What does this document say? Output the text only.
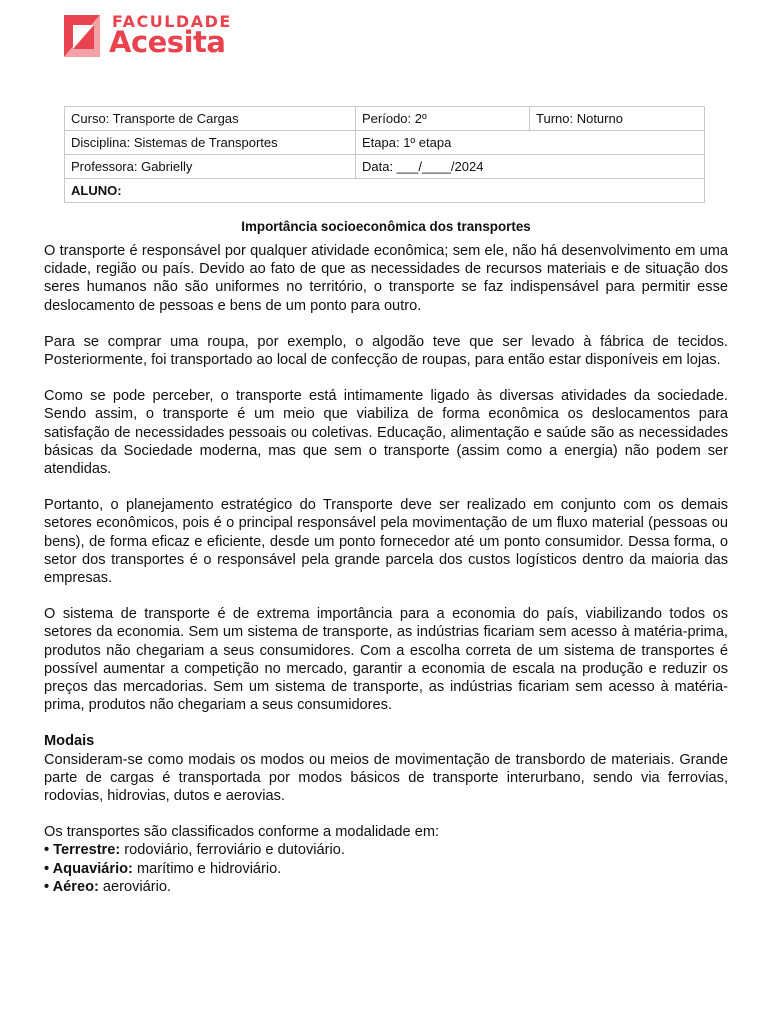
FACULDADE
Acesita
Curso: Transporte de Cargas	Período: 2º	Turno: Noturno
Disciplina: Sistemas de Transportes	Etapa: 1º etapa	
Professora: Gabrielly	Data: ___/____/2024	
ALUNO:		
Importância socioeconômica dos transportes

O transporte é responsável por qualquer atividade econômica; sem ele, não há desenvolvimento em uma cidade, região ou país. Devido ao fato de que as necessidades de recursos materiais e de situação dos seres humanos não são uniformes no território, o transporte se faz indispensável para permitir esse deslocamento de pessoas e bens de um ponto para outro.

Para se comprar uma roupa, por exemplo, o algodão teve que ser levado à fábrica de tecidos. Posteriormente, foi transportado ao local de confecção de roupas, para então estar disponíveis em lojas.

Como se pode perceber, o transporte está intimamente ligado às diversas atividades da sociedade. Sendo assim, o transporte é um meio que viabiliza de forma econômica os deslocamentos para satisfação de necessidades pessoais ou coletivas. Educação, alimentação e saúde são as necessidades básicas da Sociedade moderna, mas que sem o transporte (assim como a energia) não podem ser atendidas.

Portanto, o planejamento estratégico do Transporte deve ser realizado em conjunto com os demais setores econômicos, pois é o principal responsável pela movimentação de um fluxo material (pessoas ou bens), de forma eficaz e eficiente, desde um ponto fornecedor até um ponto consumidor. Dessa forma, o setor dos transportes é o responsável pela grande parcela dos custos logísticos dentro da maioria das empresas.

O sistema de transporte é de extrema importância para a economia do país, viabilizando todos os setores da economia. Sem um sistema de transporte, as indústrias ficariam sem acesso à matéria-prima, produtos não chegariam a seus consumidores. Com a escolha correta de um sistema de transportes é possível aumentar a competição no mercado, garantir a economia de escala na produção e reduzir os preços das mercadorias. Sem um sistema de transporte, as indústrias ficariam sem acesso à matéria-prima, produtos não chegariam a seus consumidores.

Modais

Consideram-se como modais os modos ou meios de movimentação de transbordo de materiais. Grande parte de cargas é transportada por modos básicos de transporte interurbano, sendo via ferrovias, rodovias, hidrovias, dutos e aerovias.

Os transportes são classificados conforme a modalidade em:
• Terrestre: rodoviário, ferroviário e dutoviário.
• Aquaviário: marítimo e hidroviário.
• Aéreo: aeroviário.
